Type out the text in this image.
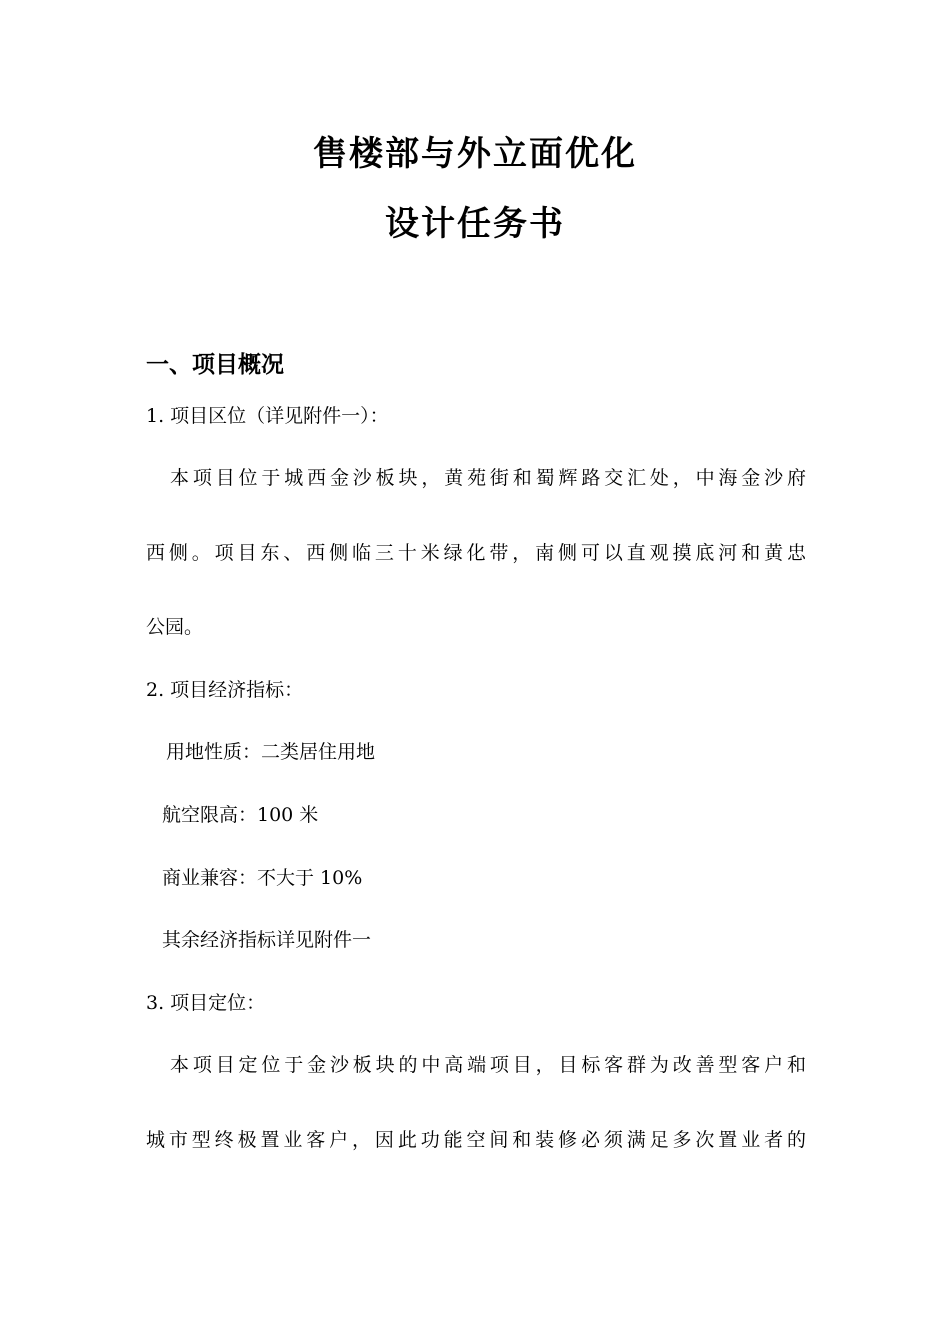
售楼部与外立面优化
设计任务书
一、项目概况
1. 项目区位（详见附件一）：
本项目位于城西金沙板块，黄苑街和蜀辉路交汇处，中海金沙府
西侧。项目东、西侧临三十米绿化带，南侧可以直观摸底河和黄忠
公园。
2. 项目经济指标：
用地性质：二类居住用地
航空限高：100 米
商业兼容：不大于 10%
其余经济指标详见附件一
3. 项目定位：
本项目定位于金沙板块的中高端项目，目标客群为改善型客户和
城市型终极置业客户，因此功能空间和装修必须满足多次置业者的
